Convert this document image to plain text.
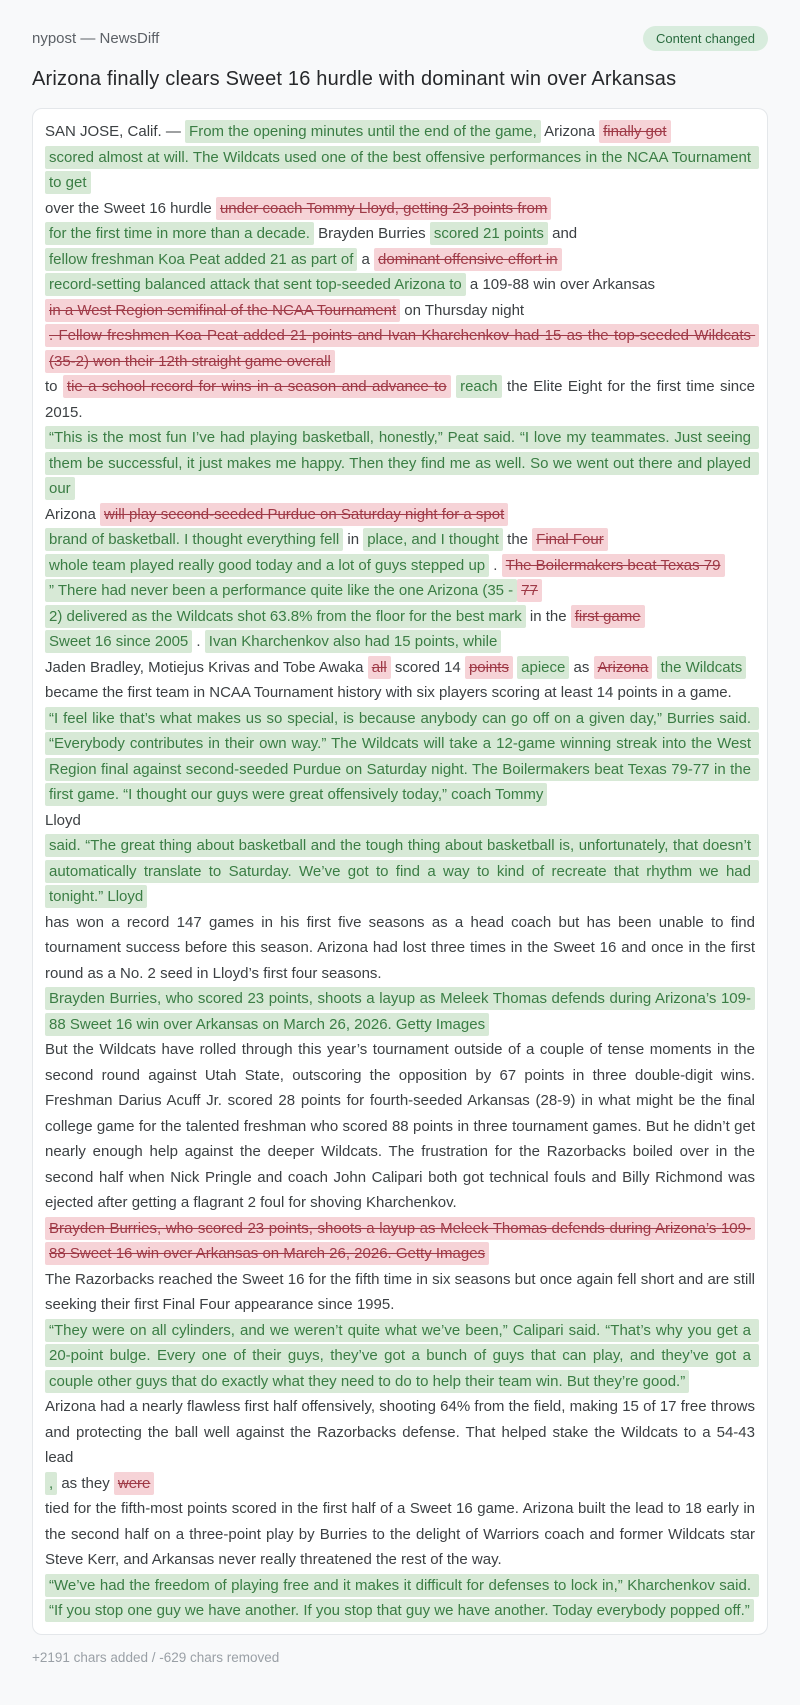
nypost — NewsDiff	Content changed
Arizona finally clears Sweet 16 hurdle with dominant win over Arkansas
SAN JOSE, Calif. — From the opening minutes until the end of the game, Arizona finally got
scored almost at will. The Wildcats used one of the best offensive performances in the NCAA Tournament to get
over the Sweet 16 hurdle under coach Tommy Lloyd, getting 23 points from
for the first time in more than a decade. Brayden Burries scored 21 points and
fellow freshman Koa Peat added 21 as part of a dominant offensive effort in
record-setting balanced attack that sent top-seeded Arizona to a 109-88 win over Arkansas
in a West Region semifinal of the NCAA Tournament on Thursday night
. Fellow freshmen Koa Peat added 21 points and Ivan Kharchenkov had 15 as the top-seeded Wildcats (35-2) won their 12th straight game overall
to tie a school record for wins in a season and advance to reach the Elite Eight for the first time since 2015.
“This is the most fun I’ve had playing basketball, honestly,” Peat said. “I love my teammates. Just seeing them be successful, it just makes me happy. Then they find me as well. So we went out there and played our
Arizona will play second-seeded Purdue on Saturday night for a spot
brand of basketball. I thought everything fell in place, and I thought the Final Four
whole team played really good today and a lot of guys stepped up . The Boilermakers beat Texas 79
” There had never been a performance quite like the one Arizona (35 - 77
2) delivered as the Wildcats shot 63.8% from the floor for the best mark in the first game
Sweet 16 since 2005 . Ivan Kharchenkov also had 15 points, while
Jaden Bradley, Motiejus Krivas and Tobe Awaka all scored 14 points apiece as Arizona the Wildcats
became the first team in NCAA Tournament history with six players scoring at least 14 points in a game.
“I feel like that’s what makes us so special, is because anybody can go off on a given day,” Burries said. “Everybody contributes in their own way.” The Wildcats will take a 12-game winning streak into the West Region final against second-seeded Purdue on Saturday night. The Boilermakers beat Texas 79-77 in the first game. “I thought our guys were great offensively today,” coach Tommy
Lloyd
said. “The great thing about basketball and the tough thing about basketball is, unfortunately, that doesn’t automatically translate to Saturday. We’ve got to find a way to kind of recreate that rhythm we had tonight.” Lloyd
has won a record 147 games in his first five seasons as a head coach but has been unable to find tournament success before this season. Arizona had lost three times in the Sweet 16 and once in the first round as a No. 2 seed in Lloyd’s first four seasons.
Brayden Burries, who scored 23 points, shoots a layup as Meleek Thomas defends during Arizona’s 109-88 Sweet 16 win over Arkansas on March 26, 2026. Getty Images
But the Wildcats have rolled through this year’s tournament outside of a couple of tense moments in the second round against Utah State, outscoring the opposition by 67 points in three double-digit wins. Freshman Darius Acuff Jr. scored 28 points for fourth-seeded Arkansas (28-9) in what might be the final college game for the talented freshman who scored 88 points in three tournament games. But he didn’t get nearly enough help against the deeper Wildcats. The frustration for the Razorbacks boiled over in the second half when Nick Pringle and coach John Calipari both got technical fouls and Billy Richmond was ejected after getting a flagrant 2 foul for shoving Kharchenkov.
Brayden Burries, who scored 23 points, shoots a layup as Meleek Thomas defends during Arizona’s 109-88 Sweet 16 win over Arkansas on March 26, 2026. Getty Images
The Razorbacks reached the Sweet 16 for the fifth time in six seasons but once again fell short and are still seeking their first Final Four appearance since 1995.
“They were on all cylinders, and we weren’t quite what we’ve been,” Calipari said. “That’s why you get a 20-point bulge. Every one of their guys, they’ve got a bunch of guys that can play, and they’ve got a couple other guys that do exactly what they need to do to help their team win. But they’re good.”
Arizona had a nearly flawless first half offensively, shooting 64% from the field, making 15 of 17 free throws and protecting the ball well against the Razorbacks defense. That helped stake the Wildcats to a 54-43 lead
, as they were
tied for the fifth-most points scored in the first half of a Sweet 16 game. Arizona built the lead to 18 early in the second half on a three-point play by Burries to the delight of Warriors coach and former Wildcats star Steve Kerr, and Arkansas never really threatened the rest of the way.
“We’ve had the freedom of playing free and it makes it difficult for defenses to lock in,” Kharchenkov said. “If you stop one guy we have another. If you stop that guy we have another. Today everybody popped off.”
+2191 chars added / -629 chars removed
